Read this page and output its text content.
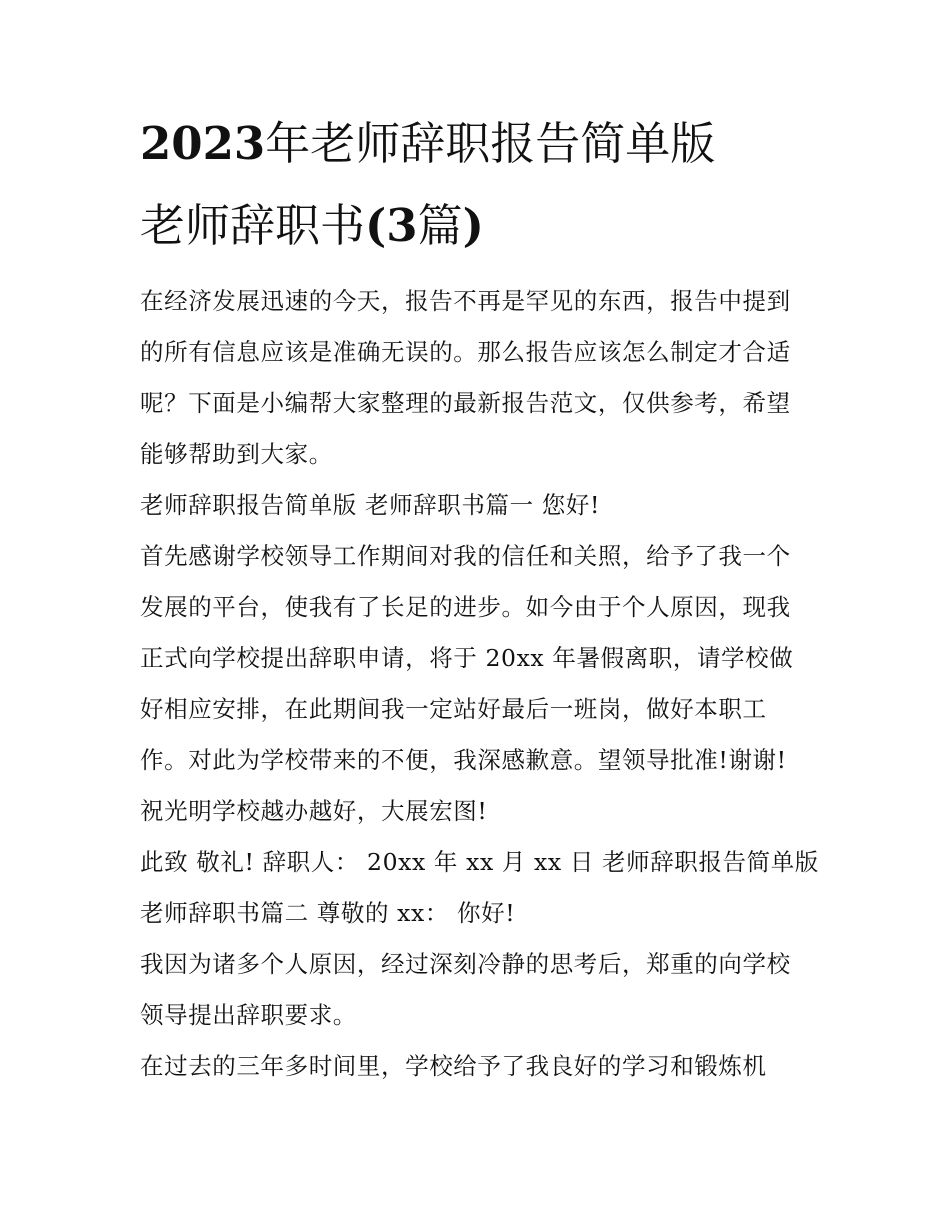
2023年老师辞职报告简单版
老师辞职书(3篇)
在经济发展迅速的今天，报告不再是罕见的东西，报告中提到
的所有信息应该是准确无误的。那么报告应该怎么制定才合适
呢？下面是小编帮大家整理的最新报告范文，仅供参考，希望
能够帮助到大家。
老师辞职报告简单版 老师辞职书篇一 您好!
首先感谢学校领导工作期间对我的信任和关照，给予了我一个
发展的平台，使我有了长足的进步。如今由于个人原因，现我
正式向学校提出辞职申请，将于 20xx 年暑假离职，请学校做
好相应安排，在此期间我一定站好最后一班岗，做好本职工
作。对此为学校带来的不便，我深感歉意。望领导批准!谢谢!
祝光明学校越办越好，大展宏图!
此致 敬礼! 辞职人： 20xx 年 xx 月 xx 日 老师辞职报告简单版
老师辞职书篇二 尊敬的 xx： 你好!
我因为诸多个人原因，经过深刻冷静的思考后，郑重的向学校
领导提出辞职要求。
在过去的三年多时间里，学校给予了我良好的学习和锻炼机
